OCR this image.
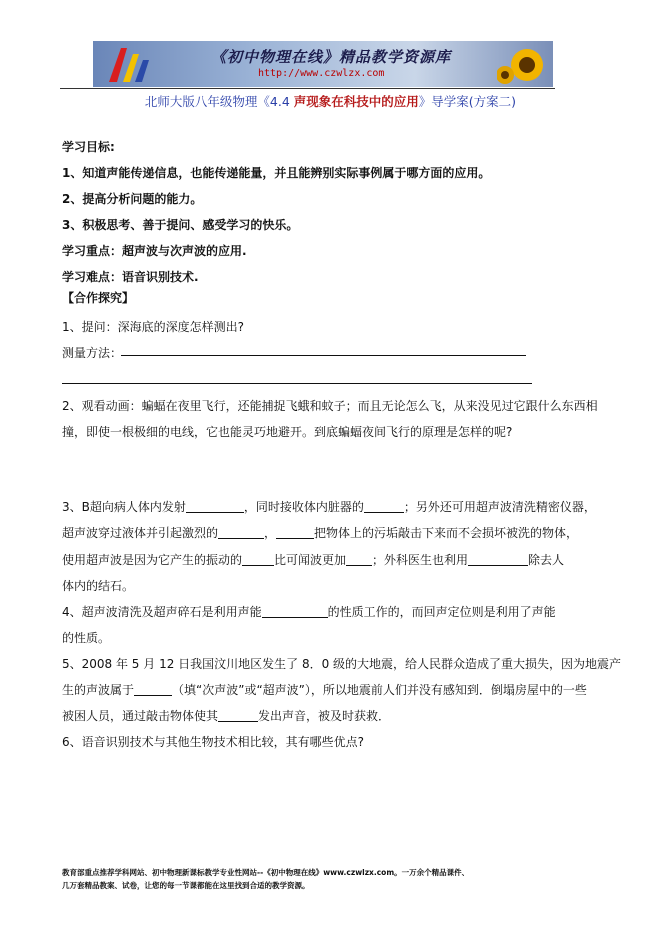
《初中物理在线》精品教学资源库
http://www.czwlzx.com
北师大版八年级物理《4.4 声现象在科技中的应用》导学案(方案二)
学习目标:
1、知道声能传递信息，也能传递能量，并且能辨别实际事例属于哪方面的应用。
2、提高分析问题的能力。
3、积极思考、善于提问、感受学习的快乐。
学习重点：超声波与次声波的应用.
学习难点：语音识别技术.
【合作探究】
1、提问：深海底的深度怎样测出?
测量方法：
2、观看动画：蝙蝠在夜里飞行，还能捕捉飞蛾和蚊子；而且无论怎么飞，从来没见过它跟什么东西相
撞，即使一根极细的电线，它也能灵巧地避开。到底蝙蝠夜间飞行的原理是怎样的呢?
3、B超向病人体内发射	，同时接收体内脏器的	；另外还可用超声波清洗精密仪器，
超声波穿过液体并引起激烈的	，	把物体上的污垢敲击下来而不会损坏被洗的物体，
使用超声波是因为它产生的振动的	比可闻波更加 ；外科医生也利用	除去人
体内的结石。
4、超声波清洗及超声碎石是利用声能	的性质工作的，而回声定位则是利用了声能
的性质。
5、2008 年 5 月 12 日我国汶川地区发生了 8．0 级的大地震，给人民群众造成了重大损失，因为地震产
生的声波属于	（填“次声波”或“超声波”），所以地震前人们并没有感知到．倒塌房屋中的一些
被困人员，通过敲击物体使其	发出声音，被及时获救．
6、语音识别技术与其他生物技术相比较，其有哪些优点?
教育部重点推荐学科网站、初中物理新课标教学专业性网站--《初中物理在线》www.czwlzx.com。一万余个精品课件、
几万套精品教案、试卷，让您的每一节课都能在这里找到合适的教学资源。
